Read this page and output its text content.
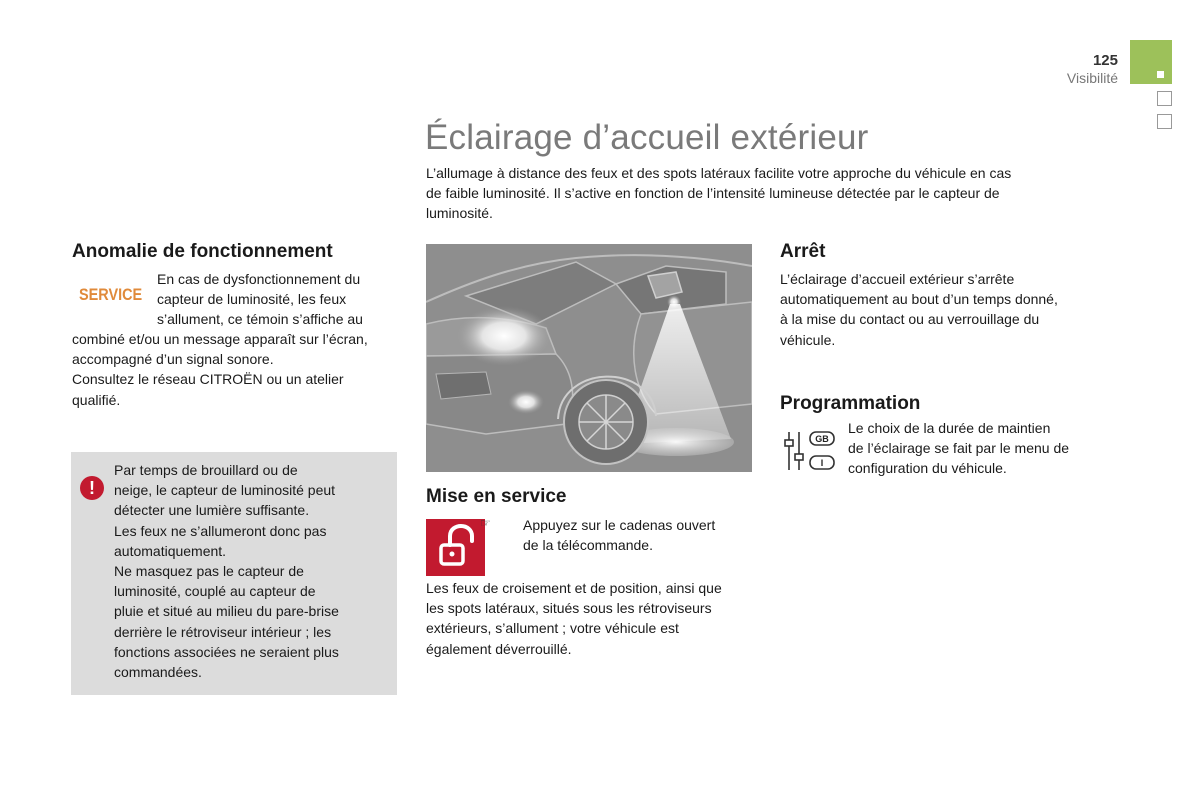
125
Visibilité
Éclairage d’accueil extérieur
L’allumage à distance des feux et des spots latéraux facilite votre approche du véhicule en cas
de faible luminosité. Il s’active en fonction de l’intensité lumineuse détectée par le capteur de
luminosité.
Anomalie de fonctionnement
SERVICE
En cas de dysfonctionnement du
capteur de luminosité, les feux
s’allument, ce témoin s’affiche au
combiné et/ou un message apparaît sur l’écran,
accompagné d’un signal sonore.
Consultez le réseau CITROËN ou un atelier
qualifié.
!
Par temps de brouillard ou de
neige, le capteur de luminosité peut
détecter une lumière suffisante.
Les feux ne s’allumeront donc pas
automatiquement.
Ne masquez pas le capteur de
luminosité, couplé au capteur de
pluie et situé au milieu du pare-brise
derrière le rétroviseur intérieur ; les
fonctions associées ne seraient plus
commandées.
Mise en service
☞ Appuyez sur le cadenas ouvert
de la télécommande.
Les feux de croisement et de position, ainsi que
les spots latéraux, situés sous les rétroviseurs
extérieurs, s’allument ; votre véhicule est
également déverrouillé.
Arrêt
L’éclairage d’accueil extérieur s’arrête
automatiquement au bout d’un temps donné,
à la mise du contact ou au verrouillage du
véhicule.
Programmation
GB
I
Le choix de la durée de maintien
de l’éclairage se fait par le menu de
configuration du véhicule.
